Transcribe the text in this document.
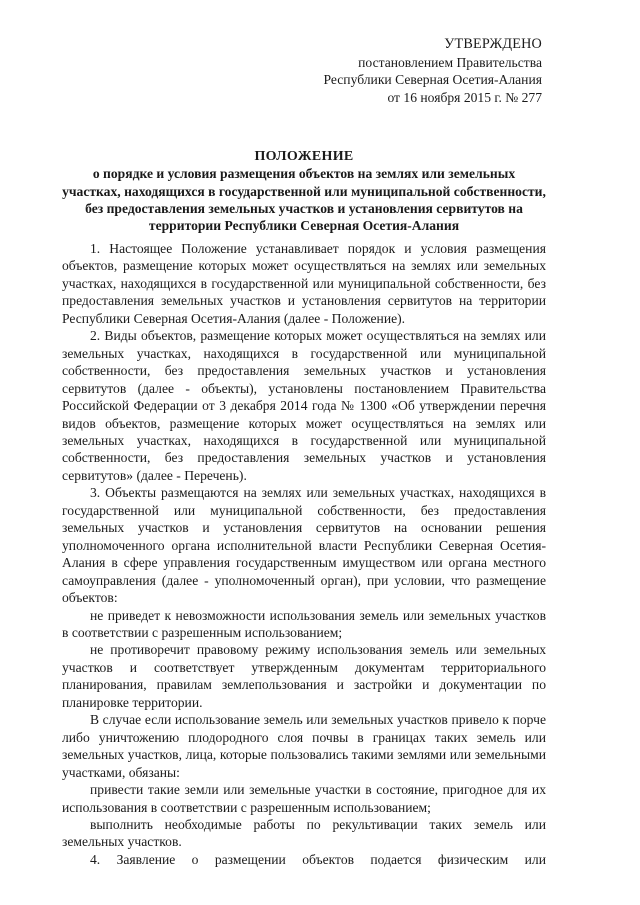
УТВЕРЖДЕНО
постановлением Правительства
Республики Северная Осетия-Алания
от 16 ноября 2015 г. № 277
ПОЛОЖЕНИЕ
о порядке и условия размещения объектов на землях или земельных участках, находящихся в государственной или муниципальной собственности, без предоставления земельных участков и установления сервитутов на территории Республики Северная Осетия-Алания

1. Настоящее Положение устанавливает порядок и условия размещения объектов, размещение которых может осуществляться на землях или земельных участках, находящихся в государственной или муниципальной собственности, без предоставления земельных участков и установления сервитутов на территории Республики Северная Осетия-Алания (далее - Положение).

2. Виды объектов, размещение которых может осуществляться на землях или земельных участках, находящихся в государственной или муниципальной собственности, без предоставления земельных участков и установления сервитутов (далее - объекты), установлены постановлением Правительства Российской Федерации от 3 декабря 2014 года № 1300 «Об утверждении перечня видов объектов, размещение которых может осуществляться на землях или земельных участках, находящихся в государственной или муниципальной собственности, без предоставления земельных участков и установления сервитутов» (далее - Перечень).

3. Объекты размещаются на землях или земельных участках, находящихся в государственной или муниципальной собственности, без предоставления земельных участков и установления сервитутов на основании решения уполномоченного органа исполнительной власти Республики Северная Осетия-Алания в сфере управления государственным имуществом или органа местного самоуправления (далее - уполномоченный орган), при условии, что размещение объектов:

не приведет к невозможности использования земель или земельных участков в соответствии с разрешенным использованием;

не противоречит правовому режиму использования земель или земельных участков и соответствует утвержденным документам территориального планирования, правилам землепользования и застройки и документации по планировке территории.

В случае если использование земель или земельных участков привело к порче либо уничтожению плодородного слоя почвы в границах таких земель или земельных участков, лица, которые пользовались такими землями или земельными участками, обязаны:

привести такие земли или земельные участки в состояние, пригодное для их использования в соответствии с разрешенным использованием;

выполнить необходимые работы по рекультивации таких земель или земельных участков.

4. Заявление о размещении объектов подается физическим или
